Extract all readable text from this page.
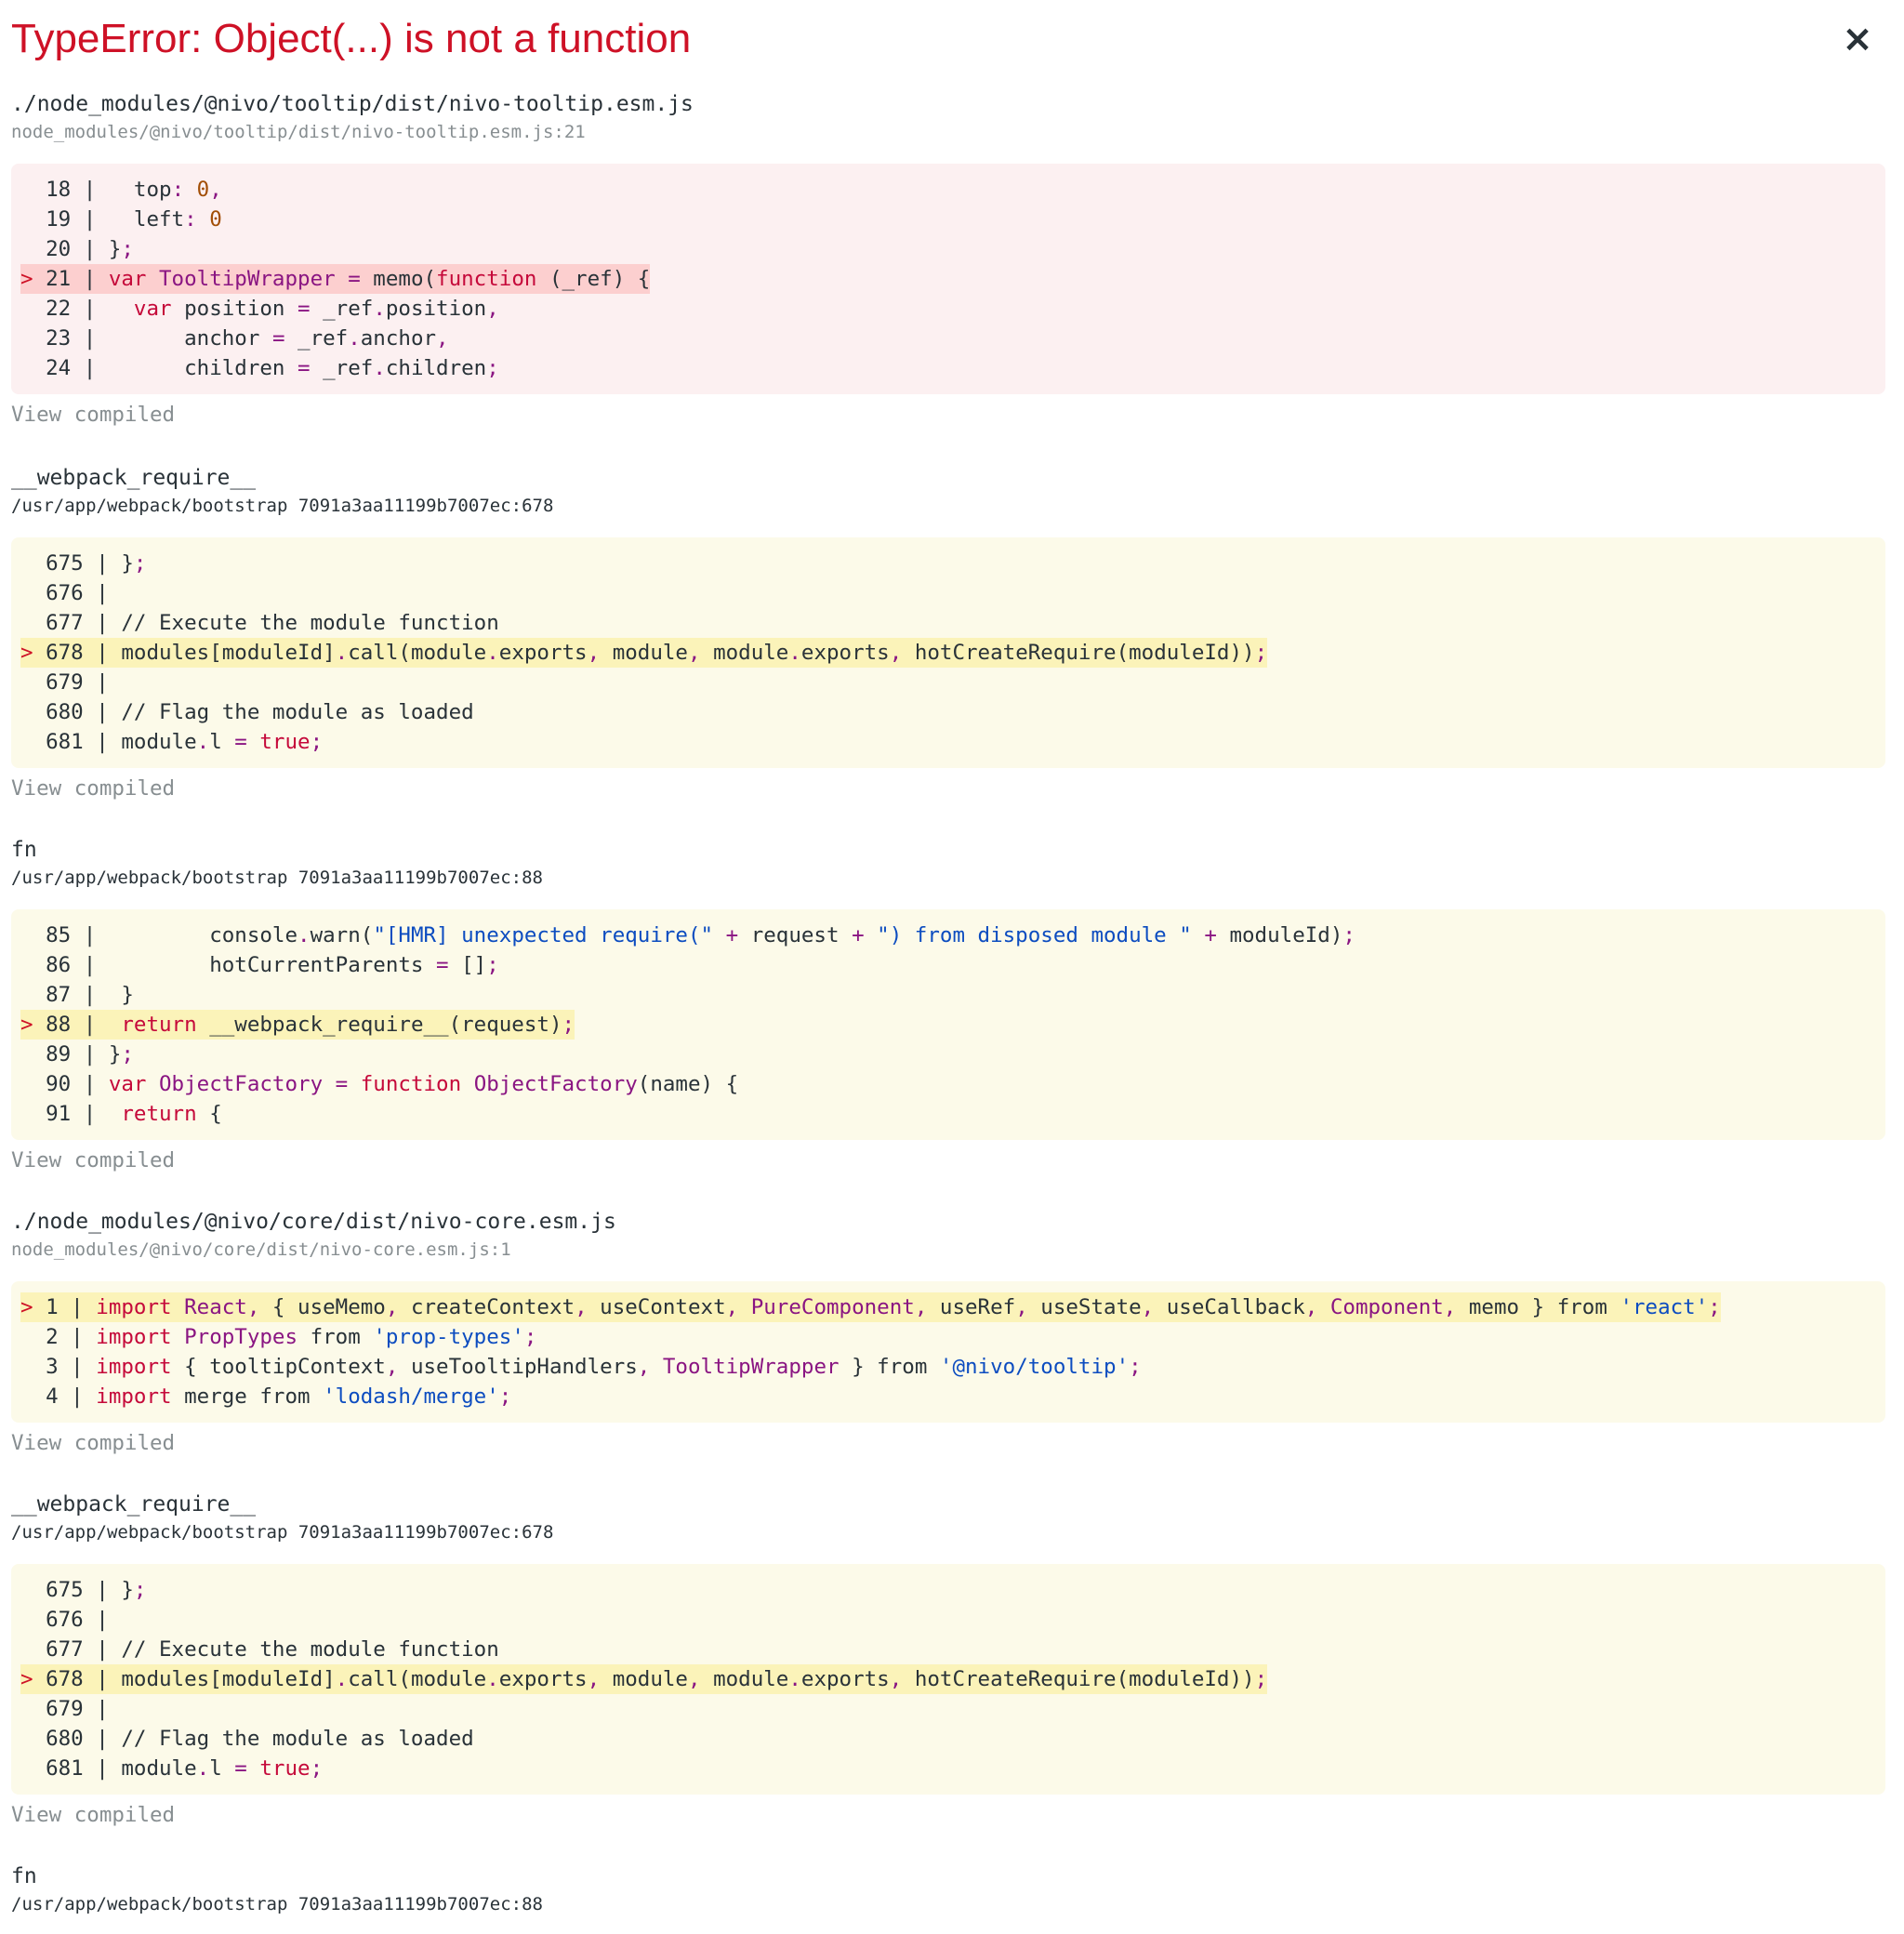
TypeError: Object(...) is not a function	×
./node_modules/@nivo/tooltip/dist/nivo-tooltip.esm.js
node_modules/@nivo/tooltip/dist/nivo-tooltip.esm.js:21
18 |   top: 0,
19 |   left: 0
20 | };
> 21 | var TooltipWrapper = memo(function (_ref) {
22 | var position = _ref.position,
23 |       anchor = _ref.anchor,
24 |       children = _ref.children;
View compiled
__webpack_require__
/usr/app/webpack/bootstrap 7091a3aa11199b7007ec:678
675 | };
676 |
677 | // Execute the module function
> 678 | modules[moduleId].call(module.exports, module, module.exports, hotCreateRequire(moduleId));
679 |
680 | // Flag the module as loaded
681 | module.l = true;
View compiled
fn
/usr/app/webpack/bootstrap 7091a3aa11199b7007ec:88
85 |         console.warn("[HMR] unexpected require(" + request + ") from disposed module " + moduleId);
86 |         hotCurrentParents = [];
87 |  }
> 88 | return __webpack_require__(request);
89 | };
90 | var ObjectFactory = function ObjectFactory(name) {
91 | return {
View compiled
./node_modules/@nivo/core/dist/nivo-core.esm.js
node_modules/@nivo/core/dist/nivo-core.esm.js:1
> 1 | import React, { useMemo, createContext, useContext, PureComponent, useRef, useState, useCallback, Component, memo } from 'react';
2 | import PropTypes from 'prop-types';
3 | import { tooltipContext, useTooltipHandlers, TooltipWrapper } from '@nivo/tooltip';
4 | import merge from 'lodash/merge';
View compiled
__webpack_require__
/usr/app/webpack/bootstrap 7091a3aa11199b7007ec:678
675 | };
676 |
677 | // Execute the module function
> 678 | modules[moduleId].call(module.exports, module, module.exports, hotCreateRequire(moduleId));
679 |
680 | // Flag the module as loaded
681 | module.l = true;
View compiled
fn
/usr/app/webpack/bootstrap 7091a3aa11199b7007ec:88
